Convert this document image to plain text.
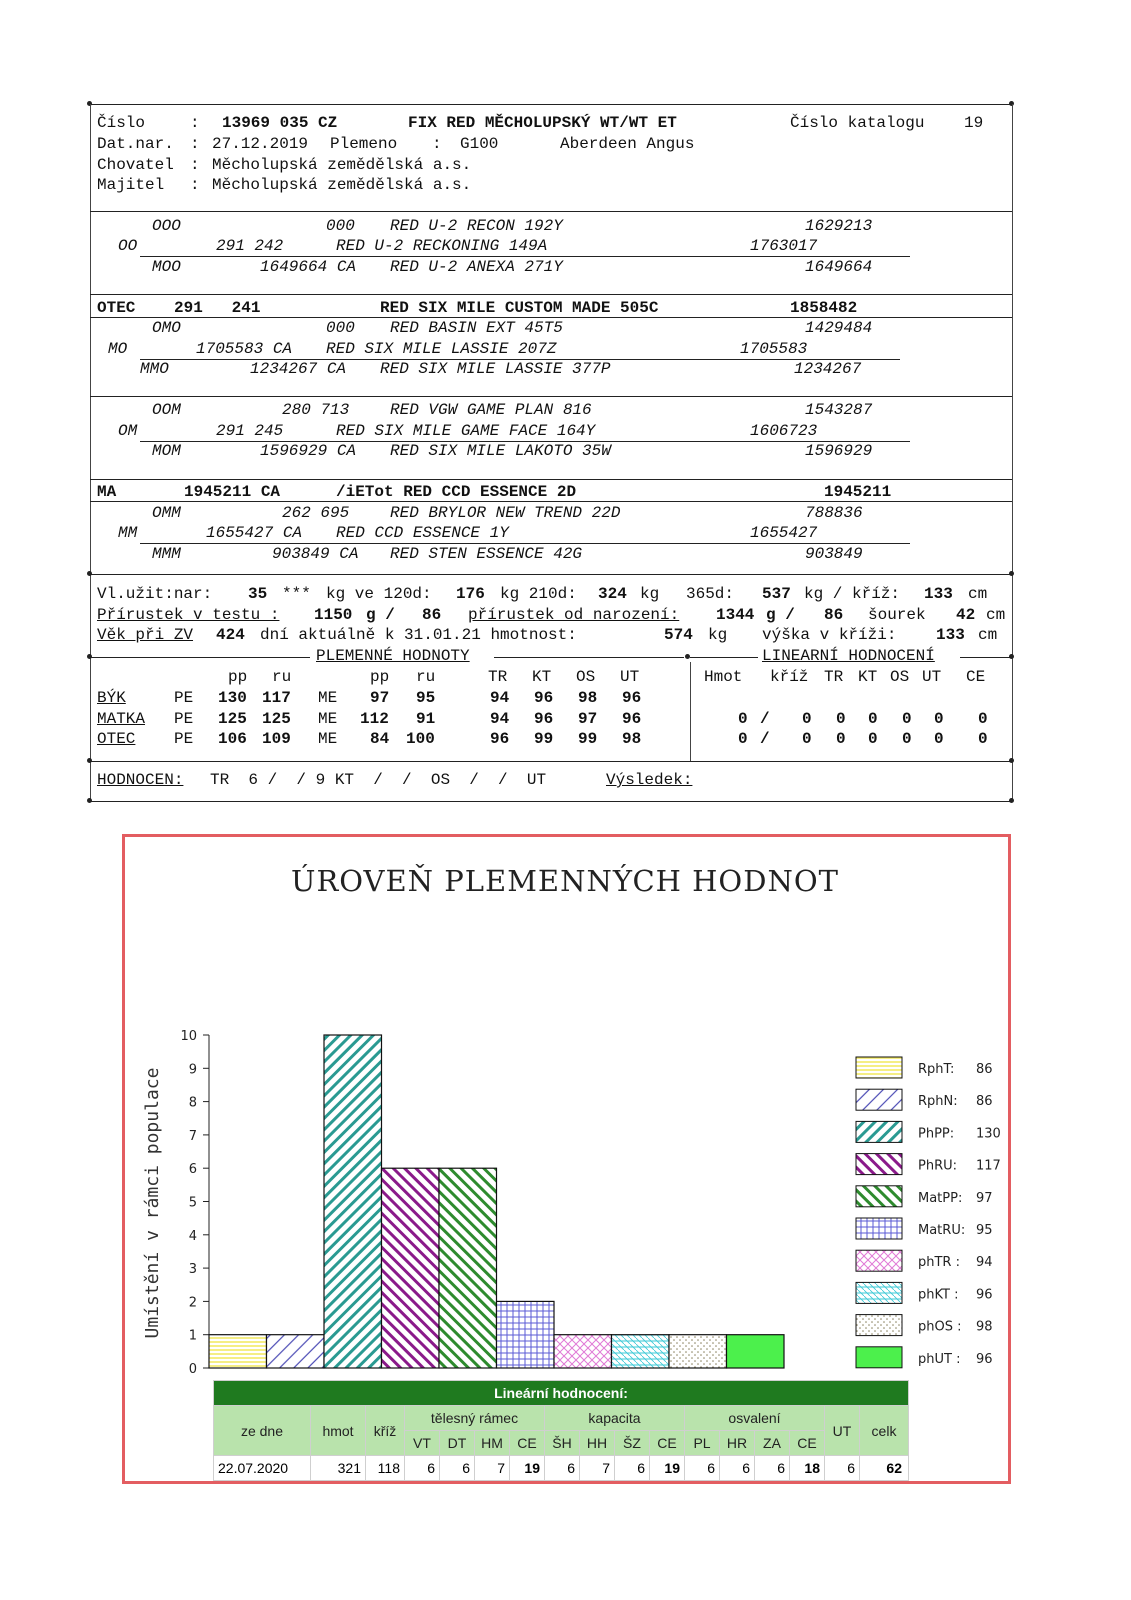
Číslo	: 13969 035 CZ	FIX RED MĚCHOLUPSKÝ WT/WT ET	Číslo katalogu 19
Dat.nar. : 27.12.2019 Plemeno : G100	Aberdeen Angus
Chovatel : Měcholupská zemědělská a.s.
Majitel : Měcholupská zemědělská a.s.
OOO	000 RED U-2 RECON 192Y	1629213
OO	291 242	RED U-2 RECKONING 149A	1763017
MOO	1649664 CA RED U-2 ANEXA 271Y	1649664
OTEC 291   241	RED SIX MILE CUSTOM MADE 505C	1858482
OMO	000 RED BASIN EXT 45T5	1429484
MO	1705583 CA RED SIX MILE LASSIE 207Z	1705583
MMO	1234267 CA RED SIX MILE LASSIE 377P	1234267
OOM	280 713	RED VGW GAME PLAN 816	1543287
OM	291 245	RED SIX MILE GAME FACE 164Y	1606723
MOM	1596929 CA RED SIX MILE LAKOTO 35W	1596929
MA	1945211 CA	/iETot RED CCD ESSENCE 2D	1945211
OMM	262 695	RED BRYLOR NEW TREND 22D	788836
MM	1655427 CA RED CCD ESSENCE 1Y	1655427
MMM	903849 CA RED STEN ESSENCE 42G	903849
Vl.užit:nar: 35 *** kg ve 120d: 176 kg 210d: 324 kg 365d: 537 kg / kříž: 133 cm
Přírustek v testu : 1150 g / 86 přírustek od narození: 1344 g / 86 šourek 42 cm
Věk při ZV 424 dní aktuálně k 31.01.21 hmotnost:	574 kg výška v kříži: 133 cm
PLEMENNÉ HODNOTY	LINEARNÍ HODNOCENÍ
pp ru	pp ru	TR KT OS UT	Hmot kříž TR KT OS UT CE
BÝK	PE 130 117 ME 97 95	94 96 98 96
MATKA PE 125 125 ME 112 91	94 96 97 96	0 / 0 0 0 0 0 0
OTEC PE 106 109 ME 84 100	96 99 99 98	0 / 0 0 0 0 0 0
HODNOCEN: TR  6 /  / 9 KT  /  /  OS  /  /  UT	Výsledek:
ÚROVEŇ PLEMENNÝCH HODNOT
Umístění v rámci populace
0
1
2
3
4
5
6
7
8
9
10
RphT: 86
RphN: 86
PhPP: 130
PhRU: 117
MatPP: 97
MatRU: 95
phTR : 94
phKT : 96
phOS : 98
phUT : 96
Lineární hodnocení:																
ze dne	hmot	kříž	tělesný rámec				kapacita				osvalení				UT	celk
			VT	DT	HM	CE	ŠH	HH	ŠZ	CE	PL	HR	ZA	CE		
22.07.2020	321	118	6	6	7	19	6	7	6	19	6	6	6	18	6	62
